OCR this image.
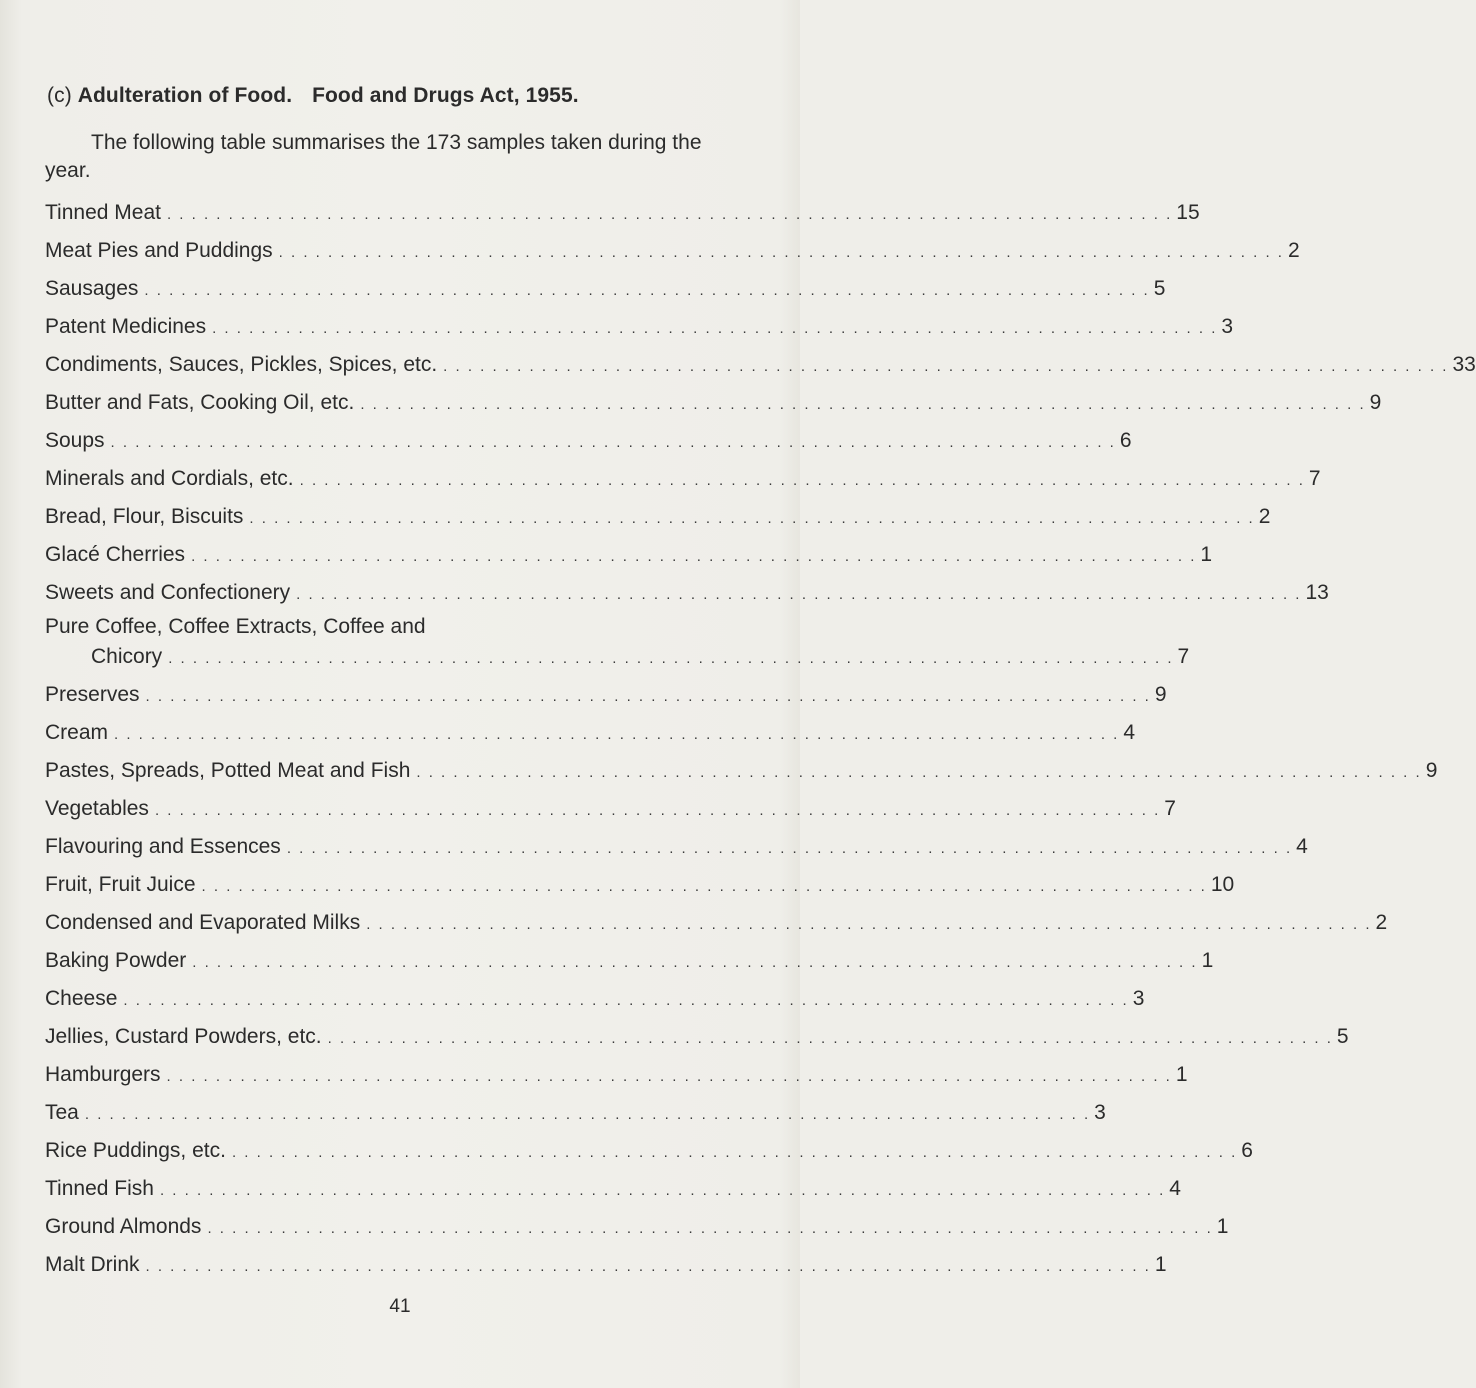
(c) Adulteration of Food. Food and Drugs Act, 1955.
The following table summarises the 173 samples taken during the year.
Tinned Meat . . . . . . . . . . . . . . . . . . . . . . . . . . . . . . . . . . . . . . . . . . . . . . . . . . . . . . . . . . . . . . . . . . . . . . . . . . . . . . . . . . 15
Meat Pies and Puddings . . . . . . . . . . . . . . . . . . . . . . . . . . . . . . . . . . . . . . . . . . . . . . . . . . . . . . . . . . . . . . . . . . . . . . . . . . . . . . . . . . 2
Sausages . . . . . . . . . . . . . . . . . . . . . . . . . . . . . . . . . . . . . . . . . . . . . . . . . . . . . . . . . . . . . . . . . . . . . . . . . . . . . . . . . . 5
Patent Medicines . . . . . . . . . . . . . . . . . . . . . . . . . . . . . . . . . . . . . . . . . . . . . . . . . . . . . . . . . . . . . . . . . . . . . . . . . . . . . . . . . . 3
Condiments, Sauces, Pickles, Spices, etc. . . . . . . . . . . . . . . . . . . . . . . . . . . . . . . . . . . . . . . . . . . . . . . . . . . . . . . . . . . . . . . . . . . . . . . . . . . . . . . . . . . 33
Butter and Fats, Cooking Oil, etc. . . . . . . . . . . . . . . . . . . . . . . . . . . . . . . . . . . . . . . . . . . . . . . . . . . . . . . . . . . . . . . . . . . . . . . . . . . . . . . . . . . 9
Soups . . . . . . . . . . . . . . . . . . . . . . . . . . . . . . . . . . . . . . . . . . . . . . . . . . . . . . . . . . . . . . . . . . . . . . . . . . . . . . . . . . 6
Minerals and Cordials, etc. . . . . . . . . . . . . . . . . . . . . . . . . . . . . . . . . . . . . . . . . . . . . . . . . . . . . . . . . . . . . . . . . . . . . . . . . . . . . . . . . . . 7
Bread, Flour, Biscuits . . . . . . . . . . . . . . . . . . . . . . . . . . . . . . . . . . . . . . . . . . . . . . . . . . . . . . . . . . . . . . . . . . . . . . . . . . . . . . . . . . 2
Glacé Cherries . . . . . . . . . . . . . . . . . . . . . . . . . . . . . . . . . . . . . . . . . . . . . . . . . . . . . . . . . . . . . . . . . . . . . . . . . . . . . . . . . . 1
Sweets and Confectionery . . . . . . . . . . . . . . . . . . . . . . . . . . . . . . . . . . . . . . . . . . . . . . . . . . . . . . . . . . . . . . . . . . . . . . . . . . . . . . . . . . 13
Pure Coffee, Coffee Extracts, Coffee and
Chicory . . . . . . . . . . . . . . . . . . . . . . . . . . . . . . . . . . . . . . . . . . . . . . . . . . . . . . . . . . . . . . . . . . . . . . . . . . . . . . . . . . 7
Preserves . . . . . . . . . . . . . . . . . . . . . . . . . . . . . . . . . . . . . . . . . . . . . . . . . . . . . . . . . . . . . . . . . . . . . . . . . . . . . . . . . . 9
Cream . . . . . . . . . . . . . . . . . . . . . . . . . . . . . . . . . . . . . . . . . . . . . . . . . . . . . . . . . . . . . . . . . . . . . . . . . . . . . . . . . . 4
Pastes, Spreads, Potted Meat and Fish . . . . . . . . . . . . . . . . . . . . . . . . . . . . . . . . . . . . . . . . . . . . . . . . . . . . . . . . . . . . . . . . . . . . . . . . . . . . . . . . . . 9
Vegetables . . . . . . . . . . . . . . . . . . . . . . . . . . . . . . . . . . . . . . . . . . . . . . . . . . . . . . . . . . . . . . . . . . . . . . . . . . . . . . . . . . 7
Flavouring and Essences . . . . . . . . . . . . . . . . . . . . . . . . . . . . . . . . . . . . . . . . . . . . . . . . . . . . . . . . . . . . . . . . . . . . . . . . . . . . . . . . . . 4
Fruit, Fruit Juice . . . . . . . . . . . . . . . . . . . . . . . . . . . . . . . . . . . . . . . . . . . . . . . . . . . . . . . . . . . . . . . . . . . . . . . . . . . . . . . . . . 10
Condensed and Evaporated Milks . . . . . . . . . . . . . . . . . . . . . . . . . . . . . . . . . . . . . . . . . . . . . . . . . . . . . . . . . . . . . . . . . . . . . . . . . . . . . . . . . . 2
Baking Powder . . . . . . . . . . . . . . . . . . . . . . . . . . . . . . . . . . . . . . . . . . . . . . . . . . . . . . . . . . . . . . . . . . . . . . . . . . . . . . . . . . 1
Cheese . . . . . . . . . . . . . . . . . . . . . . . . . . . . . . . . . . . . . . . . . . . . . . . . . . . . . . . . . . . . . . . . . . . . . . . . . . . . . . . . . . 3
Jellies, Custard Powders, etc. . . . . . . . . . . . . . . . . . . . . . . . . . . . . . . . . . . . . . . . . . . . . . . . . . . . . . . . . . . . . . . . . . . . . . . . . . . . . . . . . . . 5
Hamburgers . . . . . . . . . . . . . . . . . . . . . . . . . . . . . . . . . . . . . . . . . . . . . . . . . . . . . . . . . . . . . . . . . . . . . . . . . . . . . . . . . . 1
Tea . . . . . . . . . . . . . . . . . . . . . . . . . . . . . . . . . . . . . . . . . . . . . . . . . . . . . . . . . . . . . . . . . . . . . . . . . . . . . . . . . . 3
Rice Puddings, etc. . . . . . . . . . . . . . . . . . . . . . . . . . . . . . . . . . . . . . . . . . . . . . . . . . . . . . . . . . . . . . . . . . . . . . . . . . . . . . . . . . . 6
Tinned Fish . . . . . . . . . . . . . . . . . . . . . . . . . . . . . . . . . . . . . . . . . . . . . . . . . . . . . . . . . . . . . . . . . . . . . . . . . . . . . . . . . . 4
Ground Almonds . . . . . . . . . . . . . . . . . . . . . . . . . . . . . . . . . . . . . . . . . . . . . . . . . . . . . . . . . . . . . . . . . . . . . . . . . . . . . . . . . . 1
Malt Drink . . . . . . . . . . . . . . . . . . . . . . . . . . . . . . . . . . . . . . . . . . . . . . . . . . . . . . . . . . . . . . . . . . . . . . . . . . . . . . . . . . 1
41
